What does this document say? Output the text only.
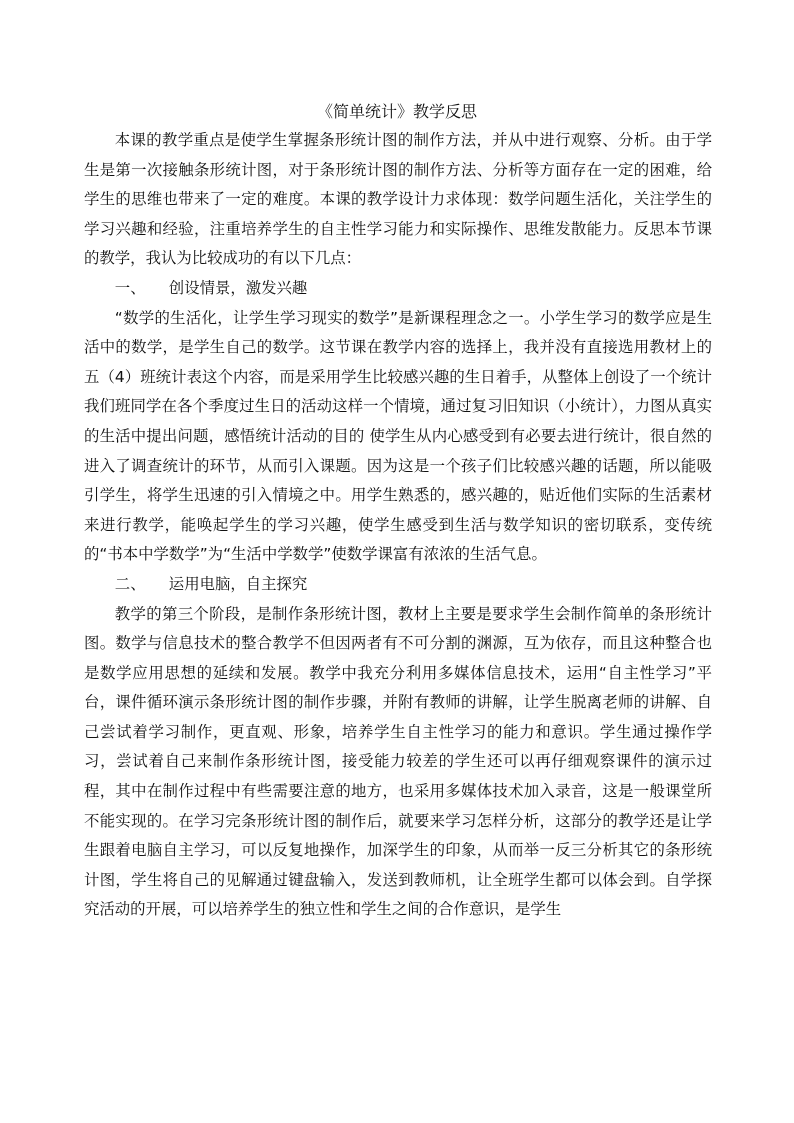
《简单统计》教学反思

本课的教学重点是使学生掌握条形统计图的制作方法，并从中进行观察、分析。由于学生是第一次接触条形统计图，对于条形统计图的制作方法、分析等方面存在一定的困难，给学生的思维也带来了一定的难度。本课的教学设计力求体现：数学问题生活化，关注学生的学习兴趣和经验，注重培养学生的自主性学习能力和实际操作、思维发散能力。反思本节课的教学，我认为比较成功的有以下几点：

一、 创设情景，激发兴趣

“数学的生活化，让学生学习现实的数学”是新课程理念之一。小学生学习的数学应是生活中的数学，是学生自己的数学。这节课在教学内容的选择上，我并没有直接选用教材上的五（4）班统计表这个内容，而是采用学生比较感兴趣的生日着手，从整体上创设了一个统计我们班同学在各个季度过生日的活动这样一个情境，通过复习旧知识（小统计），力图从真实的生活中提出问题，感悟统计活动的目的 使学生从内心感受到有必要去进行统计，很自然的进入了调查统计的环节，从而引入课题。因为这是一个孩子们比较感兴趣的话题，所以能吸引学生，将学生迅速的引入情境之中。用学生熟悉的，感兴趣的，贴近他们实际的生活素材来进行教学，能唤起学生的学习兴趣，使学生感受到生活与数学知识的密切联系，变传统的“书本中学数学”为“生活中学数学”使数学课富有浓浓的生活气息。

二、 运用电脑，自主探究

教学的第三个阶段，是制作条形统计图，教材上主要是要求学生会制作简单的条形统计图。数学与信息技术的整合教学不但因两者有不可分割的渊源，互为依存，而且这种整合也是数学应用思想的延续和发展。教学中我充分利用多媒体信息技术，运用“自主性学习”平台，课件循环演示条形统计图的制作步骤，并附有教师的讲解，让学生脱离老师的讲解、自己尝试着学习制作，更直观、形象，培养学生自主性学习的能力和意识。学生通过操作学习，尝试着自己来制作条形统计图，接受能力较差的学生还可以再仔细观察课件的演示过程，其中在制作过程中有些需要注意的地方，也采用多媒体技术加入录音，这是一般课堂所不能实现的。在学习完条形统计图的制作后，就要来学习怎样分析，这部分的教学还是让学生跟着电脑自主学习，可以反复地操作，加深学生的印象，从而举一反三分析其它的条形统计图，学生将自己的见解通过键盘输入，发送到教师机，让全班学生都可以体会到。自学探究活动的开展，可以培养学生的独立性和学生之间的合作意识，是学生
